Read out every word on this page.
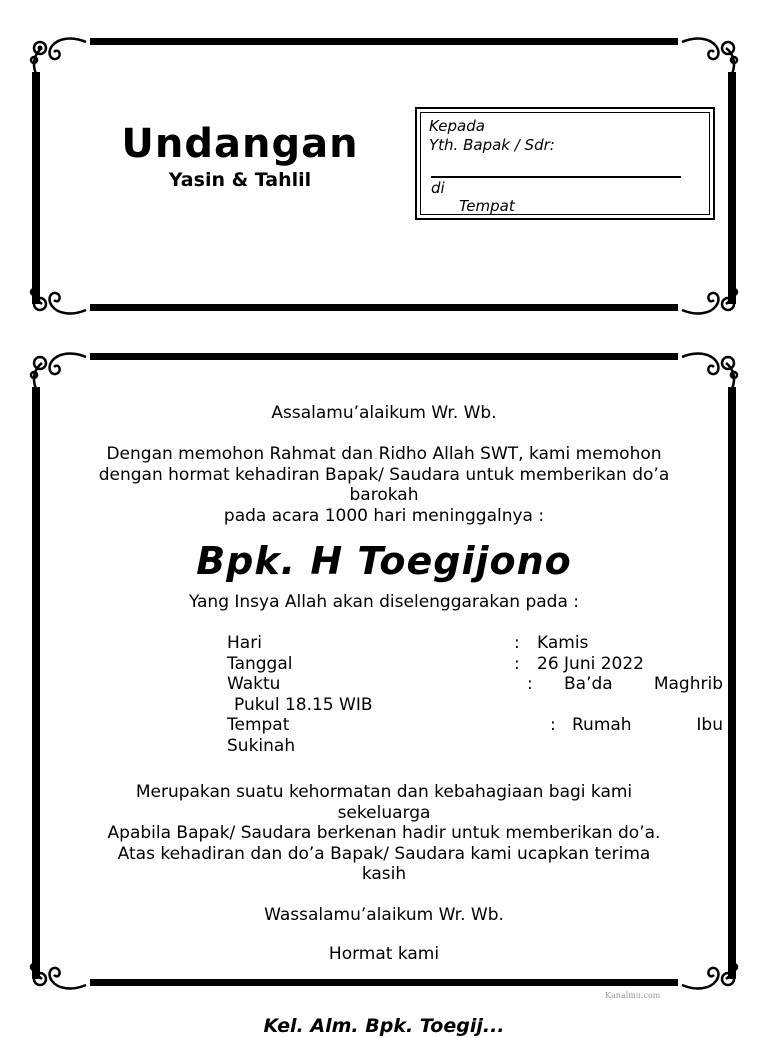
Undangan
Yasin & Tahlil
Kepada
Yth. Bapak / Sdr:
di
Tempat
Assalamu’alaikum Wr. Wb.
Dengan memohon Rahmat dan Ridho Allah SWT, kami memohon
dengan hormat kehadiran Bapak/ Saudara untuk memberikan do’a
barokah
pada acara 1000 hari meninggalnya :
Bpk. H Toegijono
Yang Insya Allah akan diselenggarakan pada :
Hari	: Kamis
Tanggal	: 26 Juni 2022
Waktu	: Ba’da Maghrib
Pukul 18.15 WIB
Tempat	: Rumah	Ibu
Sukinah
Merupakan suatu kehormatan dan kebahagiaan bagi kami
sekeluarga
Apabila Bapak/ Saudara berkenan hadir untuk memberikan do’a.
Atas kehadiran dan do’a Bapak/ Saudara kami ucapkan terima
kasih
Wassalamu’alaikum Wr. Wb.
Hormat kami
Kanalmu.com
Kel. Alm. Bpk. Toegij...
